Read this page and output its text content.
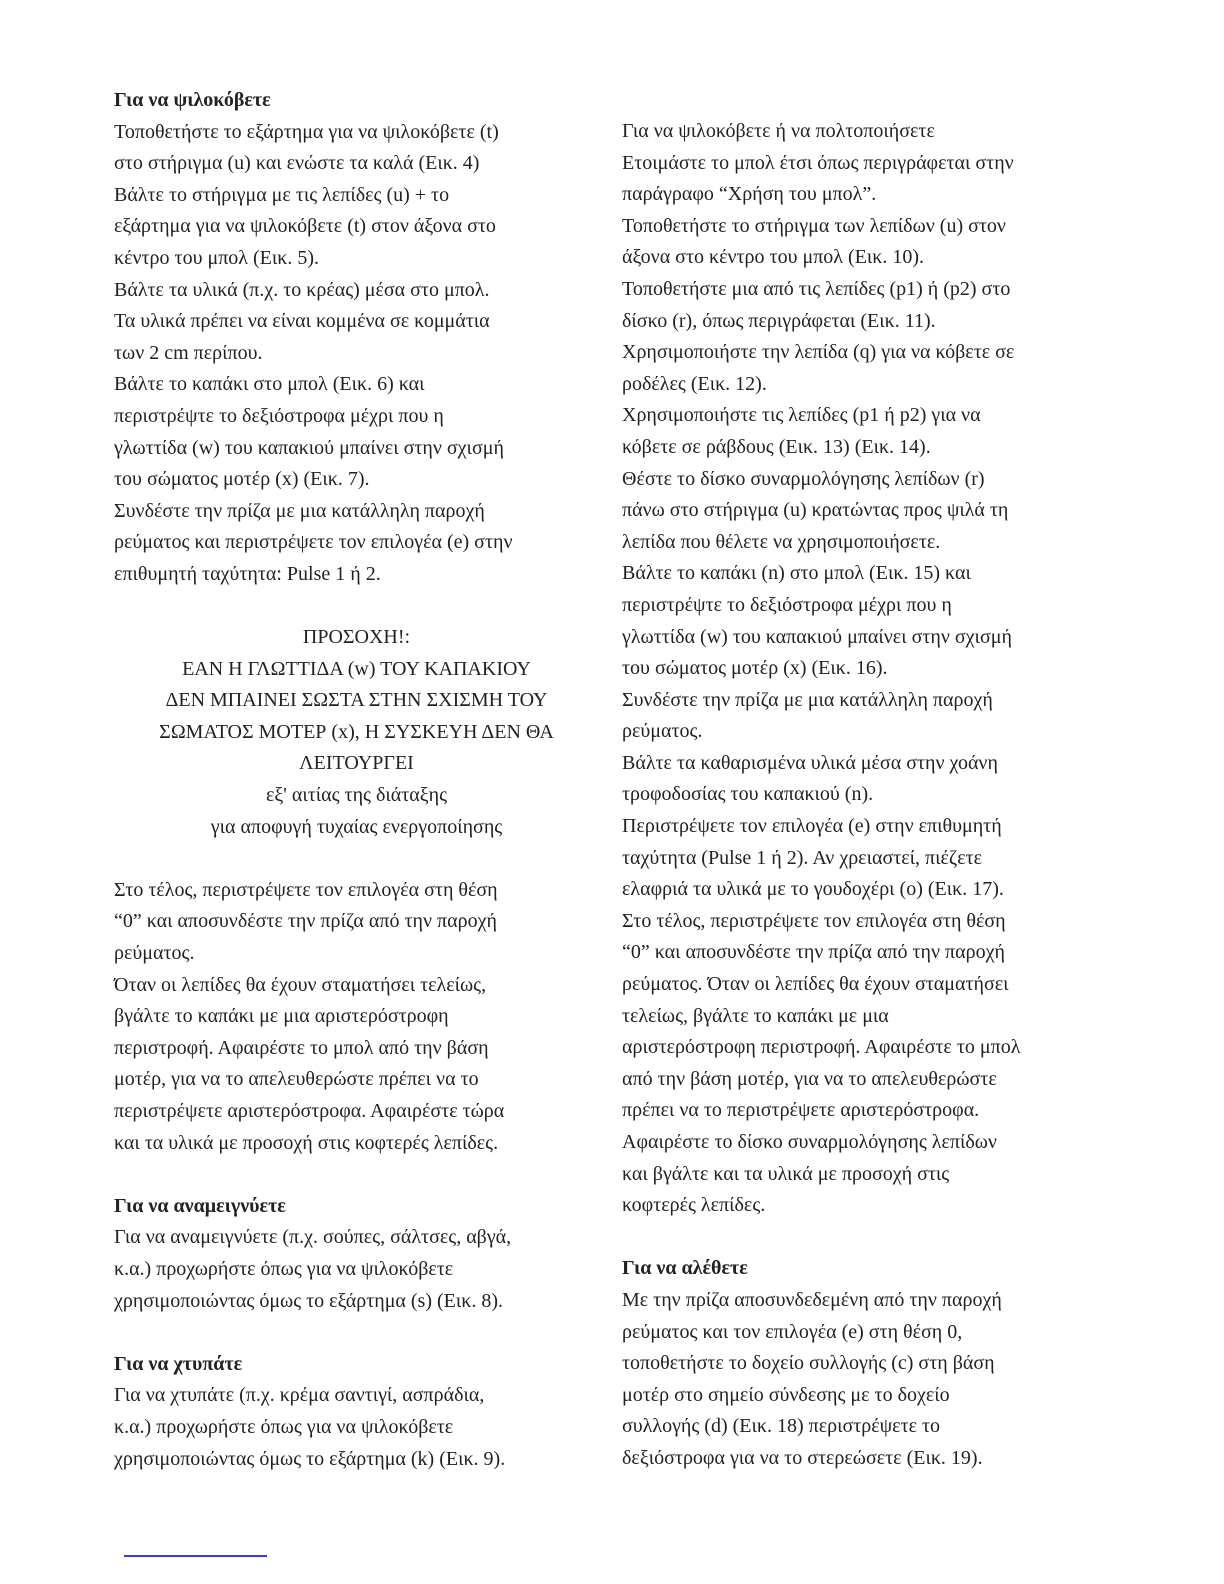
Για να ψιλοκόβετε

Τοποθετήστε το εξάρτημα για να ψιλοκόβετε (t)

στο στήριγμα (u) και ενώστε τα καλά (Εικ. 4)

Βάλτε το στήριγμα με τις λεπίδες (u) + το

εξάρτημα για να ψιλοκόβετε (t) στον άξονα στο

κέντρο του μπολ (Εικ. 5).

Βάλτε τα υλικά (π.χ. το κρέας) μέσα στο μπολ.

Τα υλικά πρέπει να είναι κομμένα σε κομμάτια

των 2 cm περίπου.

Βάλτε το καπάκι στο μπολ (Εικ. 6) και

περιστρέψτε το δεξιόστροφα μέχρι που η

γλωττίδα (w) του καπακιού μπαίνει στην σχισμή

του σώματος μοτέρ (x) (Εικ. 7).

Συνδέστε την πρίζα με μια κατάλληλη παροχή

ρεύματος και περιστρέψετε τον επιλογέα (e) στην

επιθυμητή ταχύτητα: Pulse 1 ή 2.

ΠΡΟΣΟΧΗ!:

ΕΑΝ Η ΓΛΩΤΤΙΔΑ (w) ΤΟΥ ΚΑΠΑΚΙΟΥ

ΔΕΝ ΜΠΑΙΝΕΙ ΣΩΣΤΑ ΣΤΗΝ ΣΧΙΣΜΗ ΤΟΥ

ΣΩΜΑΤΟΣ ΜΟΤΕΡ (x), Η ΣΥΣΚΕΥΗ ΔΕΝ ΘΑ

ΛΕΙΤΟΥΡΓΕΙ

εξ' αιτίας της διάταξης

για αποφυγή τυχαίας ενεργοποίησης

Στο τέλος, περιστρέψετε τον επιλογέα στη θέση

“0” και αποσυνδέστε την πρίζα από την παροχή

ρεύματος.

Όταν οι λεπίδες θα έχουν σταματήσει τελείως,

βγάλτε το καπάκι με μια αριστερόστροφη

περιστροφή. Αφαιρέστε το μπολ από την βάση

μοτέρ, για να το απελευθερώστε πρέπει να το

περιστρέψετε αριστερόστροφα. Αφαιρέστε τώρα

και τα υλικά με προσοχή στις κοφτερές λεπίδες.

Για να αναμειγνύετε

Για να αναμειγνύετε (π.χ. σούπες, σάλτσες, αβγά,

κ.α.) προχωρήστε όπως για να ψιλοκόβετε

χρησιμοποιώντας όμως το εξάρτημα (s) (Εικ. 8).

Για να χτυπάτε

Για να χτυπάτε (π.χ. κρέμα σαντιγί, ασπράδια,

κ.α.) προχωρήστε όπως για να ψιλοκόβετε

χρησιμοποιώντας όμως το εξάρτημα (k) (Εικ. 9).

Για να ψιλοκόβετε ή να πολτοποιήσετε

Ετοιμάστε το μπολ έτσι όπως περιγράφεται στην

παράγραφο “Χρήση του μπολ”.

Τοποθετήστε το στήριγμα των λεπίδων (u) στον

άξονα στο κέντρο του μπολ (Εικ. 10).

Τοποθετήστε μια από τις λεπίδες (p1) ή (p2) στο

δίσκο (r), όπως περιγράφεται (Εικ. 11).

Χρησιμοποιήστε την λεπίδα (q) για να κόβετε σε

ροδέλες (Εικ. 12).

Χρησιμοποιήστε τις λεπίδες (p1 ή p2) για να

κόβετε σε ράβδους (Εικ. 13) (Εικ. 14).

Θέστε το δίσκο συναρμολόγησης λεπίδων (r)

πάνω στο στήριγμα (u) κρατώντας προς ψιλά τη

λεπίδα που θέλετε να χρησιμοποιήσετε.

Βάλτε το καπάκι (n) στο μπολ (Εικ. 15) και

περιστρέψτε το δεξιόστροφα μέχρι που η

γλωττίδα (w) του καπακιού μπαίνει στην σχισμή

του σώματος μοτέρ (x) (Εικ. 16).

Συνδέστε την πρίζα με μια κατάλληλη παροχή

ρεύματος.

Βάλτε τα καθαρισμένα υλικά μέσα στην χοάνη

τροφοδοσίας του καπακιού (n).

Περιστρέψετε τον επιλογέα (e) στην επιθυμητή

ταχύτητα (Pulse 1 ή 2). Αν χρειαστεί, πιέζετε

ελαφριά τα υλικά με το γουδοχέρι (o) (Εικ. 17).

Στο τέλος, περιστρέψετε τον επιλογέα στη θέση

“0” και αποσυνδέστε την πρίζα από την παροχή

ρεύματος. Όταν οι λεπίδες θα έχουν σταματήσει

τελείως, βγάλτε το καπάκι με μια

αριστερόστροφη περιστροφή. Αφαιρέστε το μπολ

από την βάση μοτέρ, για να το απελευθερώστε

πρέπει να το περιστρέψετε αριστερόστροφα.

Αφαιρέστε το δίσκο συναρμολόγησης λεπίδων

και βγάλτε και τα υλικά με προσοχή στις

κοφτερές λεπίδες.

Για να αλέθετε

Με την πρίζα αποσυνδεδεμένη από την παροχή

ρεύματος και τον επιλογέα (e) στη θέση 0,

τοποθετήστε το δοχείο συλλογής (c) στη βάση

μοτέρ στο σημείο σύνδεσης με το δοχείο

συλλογής (d) (Εικ. 18) περιστρέψετε το

δεξιόστροφα για να το στερεώσετε (Εικ. 19).
